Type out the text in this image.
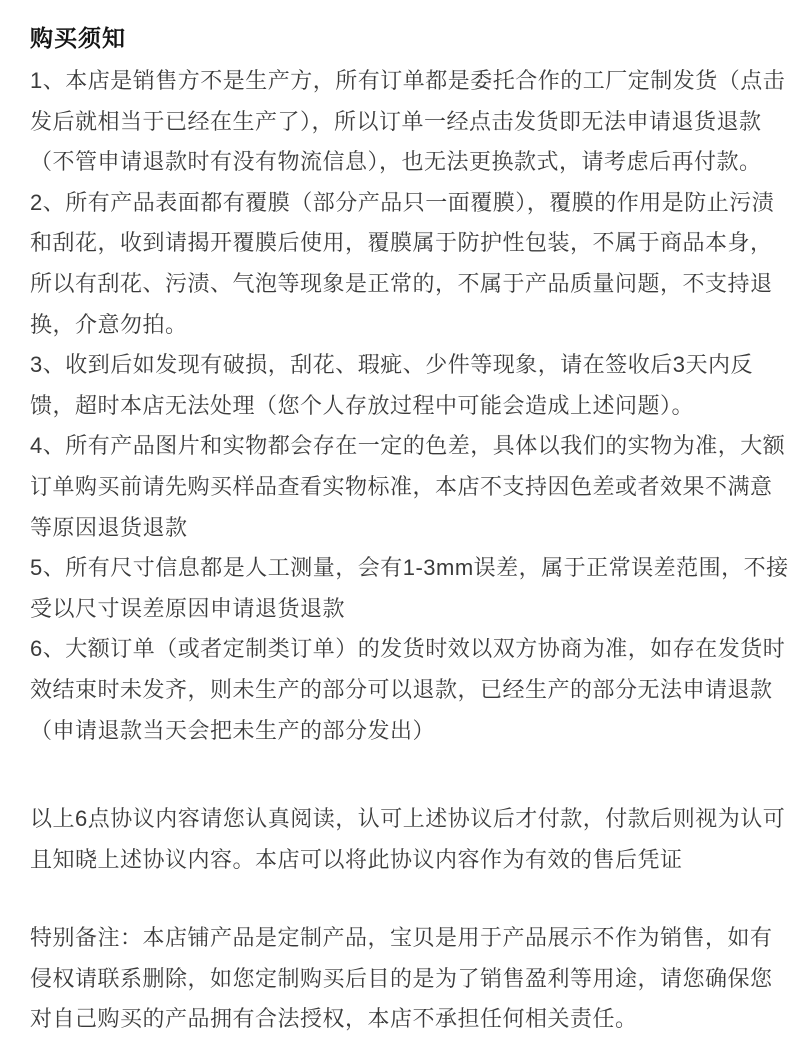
购买须知
1、本店是销售方不是生产方，所有订单都是委托合作的工厂定制发货（点击
发后就相当于已经在生产了），所以订单一经点击发货即无法申请退货退款
（不管申请退款时有没有物流信息），也无法更换款式，请考虑后再付款。
2、所有产品表面都有覆膜（部分产品只一面覆膜），覆膜的作用是防止污渍
和刮花，收到请揭开覆膜后使用，覆膜属于防护性包装，不属于商品本身，
所以有刮花、污渍、气泡等现象是正常的，不属于产品质量问题，不支持退
换，介意勿拍。
3、收到后如发现有破损，刮花、瑕疵、少件等现象，请在签收后3天内反
馈，超时本店无法处理（您个人存放过程中可能会造成上述问题）。
4、所有产品图片和实物都会存在一定的色差，具体以我们的实物为准，大额
订单购买前请先购买样品查看实物标准，本店不支持因色差或者效果不满意
等原因退货退款
5、所有尺寸信息都是人工测量，会有1-3mm误差，属于正常误差范围，不接
受以尺寸误差原因申请退货退款
6、大额订单（或者定制类订单）的发货时效以双方协商为准，如存在发货时
效结束时未发齐，则未生产的部分可以退款，已经生产的部分无法申请退款
（申请退款当天会把未生产的部分发出）
以上6点协议内容请您认真阅读，认可上述协议后才付款，付款后则视为认可
且知晓上述协议内容。本店可以将此协议内容作为有效的售后凭证
特别备注：本店铺产品是定制产品，宝贝是用于产品展示不作为销售，如有
侵权请联系删除，如您定制购买后目的是为了销售盈利等用途，请您确保您
对自己购买的产品拥有合法授权，本店不承担任何相关责任。
